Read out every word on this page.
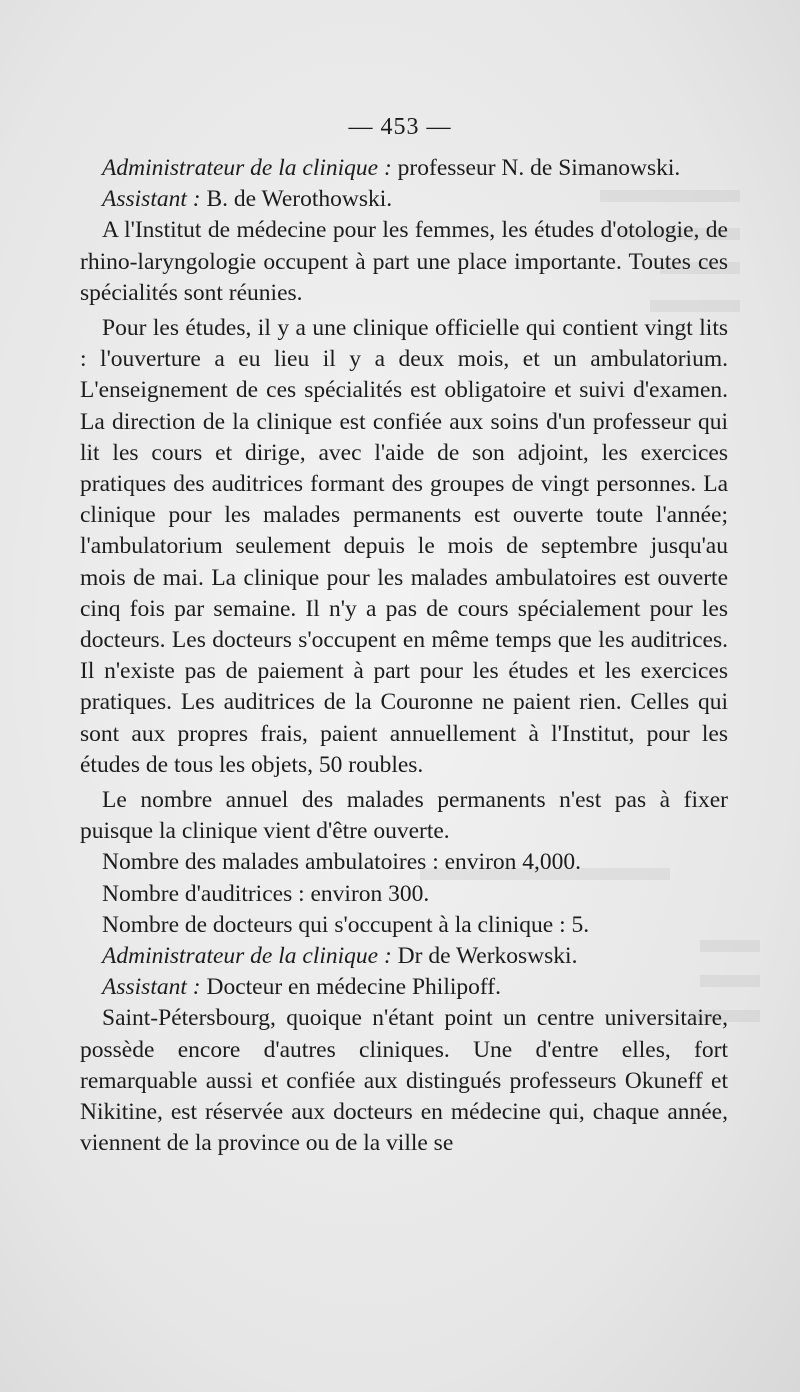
— 453 —

Administrateur de la clinique : professeur N. de Simanowski.

Assistant : B. de Werothowski.

A l'Institut de médecine pour les femmes, les études d'otologie, de rhino-laryngologie occupent à part une place importante. Toutes ces spécialités sont réunies.

Pour les études, il y a une clinique officielle qui contient vingt lits : l'ouverture a eu lieu il y a deux mois, et un ambulatorium. L'enseignement de ces spécialités est obligatoire et suivi d'examen. La direction de la clinique est confiée aux soins d'un professeur qui lit les cours et dirige, avec l'aide de son adjoint, les exercices pratiques des auditrices formant des groupes de vingt personnes. La clinique pour les malades permanents est ouverte toute l'année; l'ambulatorium seulement depuis le mois de septembre jusqu'au mois de mai. La clinique pour les malades ambulatoires est ouverte cinq fois par semaine. Il n'y a pas de cours spécialement pour les docteurs. Les docteurs s'occupent en même temps que les auditrices. Il n'existe pas de paiement à part pour les études et les exercices pratiques. Les auditrices de la Couronne ne paient rien. Celles qui sont aux propres frais, paient annuellement à l'Institut, pour les études de tous les objets, 50 roubles.

Le nombre annuel des malades permanents n'est pas à fixer puisque la clinique vient d'être ouverte.

Nombre des malades ambulatoires : environ 4,000.

Nombre d'auditrices : environ 300.

Nombre de docteurs qui s'occupent à la clinique : 5.

Administrateur de la clinique : Dr de Werkoswski.

Assistant : Docteur en médecine Philipoff.

Saint-Pétersbourg, quoique n'étant point un centre universitaire, possède encore d'autres cliniques. Une d'entre elles, fort remarquable aussi et confiée aux distingués professeurs Okuneff et Nikitine, est réservée aux docteurs en médecine qui, chaque année, viennent de la province ou de la ville se
